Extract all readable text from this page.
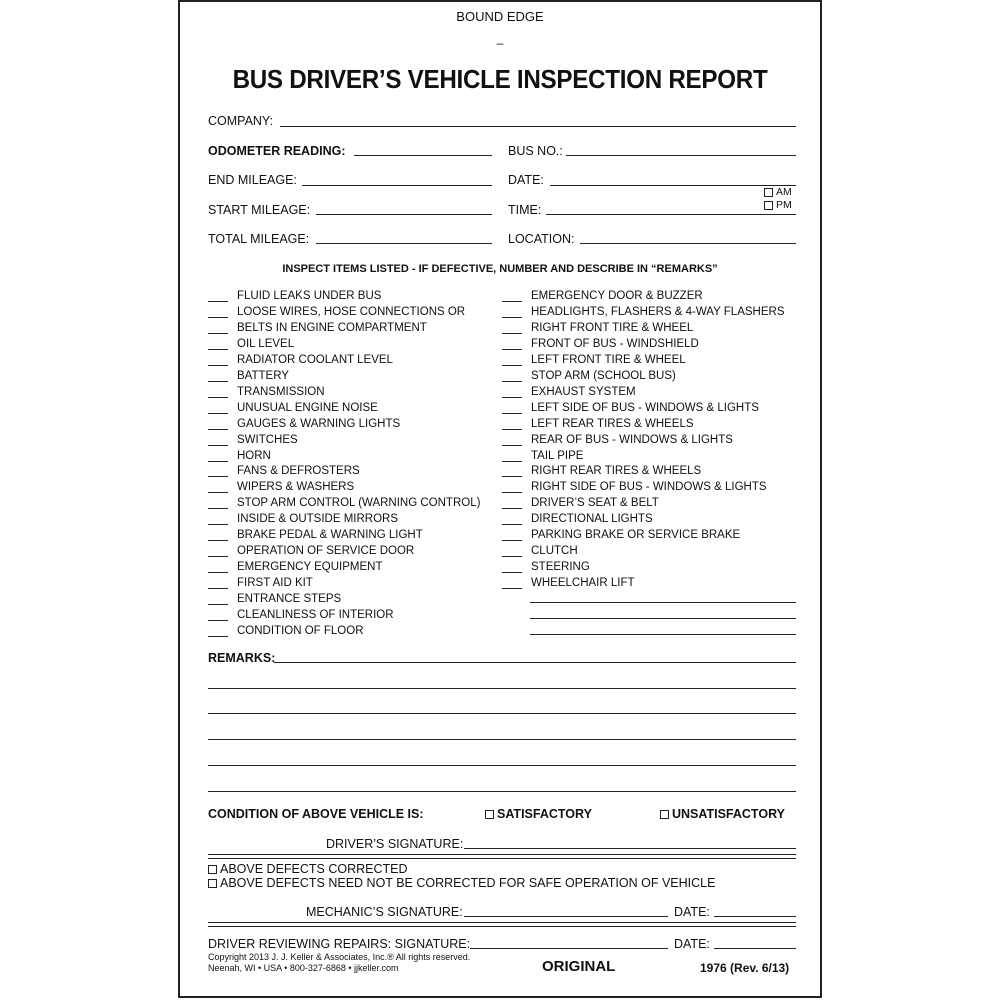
BOUND EDGE
–
BUS DRIVER’S VEHICLE INSPECTION REPORT
COMPANY:
ODOMETER READING:	BUS NO.:
END MILEAGE:	DATE:
AM
PM
START MILEAGE:	TIME:
TOTAL MILEAGE:	LOCATION:
INSPECT ITEMS LISTED - IF DEFECTIVE, NUMBER AND DESCRIBE IN “REMARKS”
FLUID LEAKS UNDER BUS
LOOSE WIRES, HOSE CONNECTIONS OR
BELTS IN ENGINE COMPARTMENT
OIL LEVEL
RADIATOR COOLANT LEVEL
BATTERY
TRANSMISSION
UNUSUAL ENGINE NOISE
GAUGES & WARNING LIGHTS
SWITCHES
HORN
FANS & DEFROSTERS
WIPERS & WASHERS
STOP ARM CONTROL (WARNING CONTROL)
INSIDE & OUTSIDE MIRRORS
BRAKE PEDAL & WARNING LIGHT
OPERATION OF SERVICE DOOR
EMERGENCY EQUIPMENT
FIRST AID KIT
ENTRANCE STEPS
CLEANLINESS OF INTERIOR
CONDITION OF FLOOR
EMERGENCY DOOR & BUZZER
HEADLIGHTS, FLASHERS & 4-WAY FLASHERS
RIGHT FRONT TIRE & WHEEL
FRONT OF BUS - WINDSHIELD
LEFT FRONT TIRE & WHEEL
STOP ARM (SCHOOL BUS)
EXHAUST SYSTEM
LEFT SIDE OF BUS - WINDOWS & LIGHTS
LEFT REAR TIRES & WHEELS
REAR OF BUS - WINDOWS & LIGHTS
TAIL PIPE
RIGHT REAR TIRES & WHEELS
RIGHT SIDE OF BUS - WINDOWS & LIGHTS
DRIVER’S SEAT & BELT
DIRECTIONAL LIGHTS
PARKING BRAKE OR SERVICE BRAKE
CLUTCH
STEERING
WHEELCHAIR LIFT
REMARKS:
CONDITION OF ABOVE VEHICLE IS:	SATISFACTORY	UNSATISFACTORY
DRIVER’S SIGNATURE:
ABOVE DEFECTS CORRECTED
ABOVE DEFECTS NEED NOT BE CORRECTED FOR SAFE OPERATION OF VEHICLE
MECHANIC’S SIGNATURE:	DATE:
DRIVER REVIEWING REPAIRS: SIGNATURE:	DATE:
Copyright 2013 J. J. Keller & Associates, Inc.® All rights reserved.
Neenah, WI • USA • 800-327-6868 • jjkeller.com	ORIGINAL	1976 (Rev. 6/13)
